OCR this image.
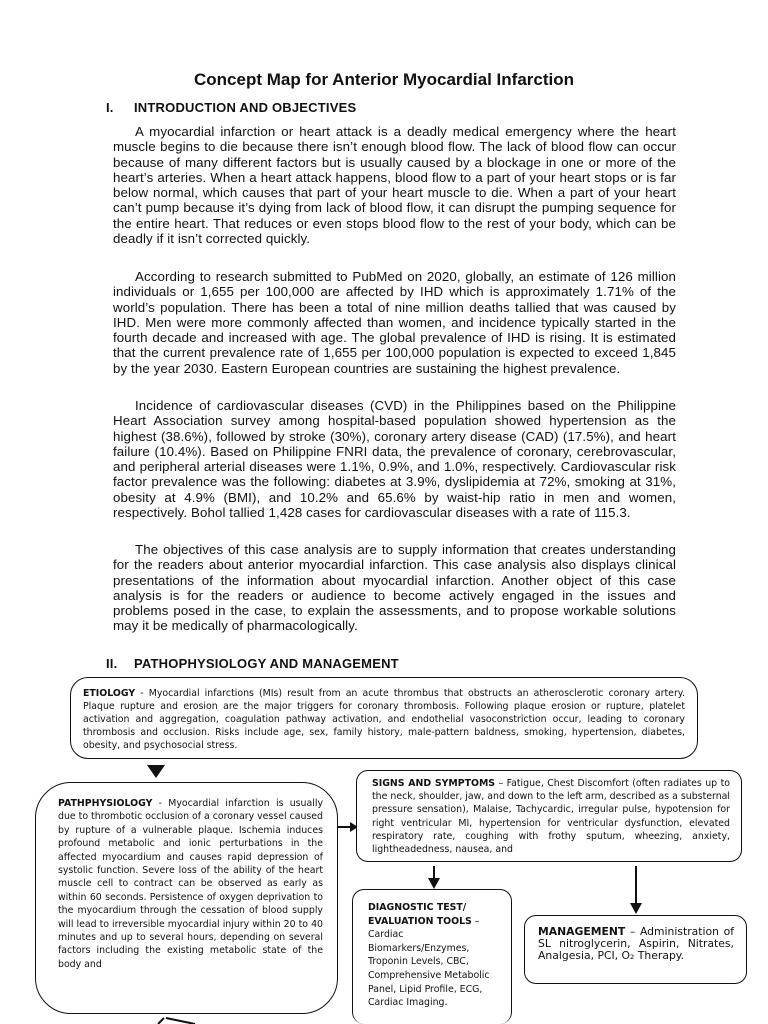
Concept Map for Anterior Myocardial Infarction
I. INTRODUCTION AND OBJECTIVES

A myocardial infarction or heart attack is a deadly medical emergency where the heart muscle begins to die because there isn’t enough blood flow. The lack of blood flow can occur because of many different factors but is usually caused by a blockage in one or more of the heart’s arteries. When a heart attack happens, blood flow to a part of your heart stops or is far below normal, which causes that part of your heart muscle to die. When a part of your heart can’t pump because it’s dying from lack of blood flow, it can disrupt the pumping sequence for the entire heart. That reduces or even stops blood flow to the rest of your body, which can be deadly if it isn’t corrected quickly.

According to research submitted to PubMed on 2020, globally, an estimate of 126 million individuals or 1,655 per 100,000 are affected by IHD which is approximately 1.71% of the world’s population. There has been a total of nine million deaths tallied that was caused by IHD. Men were more commonly affected than women, and incidence typically started in the fourth decade and increased with age. The global prevalence of IHD is rising. It is estimated that the current prevalence rate of 1,655 per 100,000 population is expected to exceed 1,845 by the year 2030. Eastern European countries are sustaining the highest prevalence.

Incidence of cardiovascular diseases (CVD) in the Philippines based on the Philippine Heart Association survey among hospital-based population showed hypertension as the highest (38.6%), followed by stroke (30%), coronary artery disease (CAD) (17.5%), and heart failure (10.4%). Based on Philippine FNRI data, the prevalence of coronary, cerebrovascular, and peripheral arterial diseases were 1.1%, 0.9%, and 1.0%, respectively. Cardiovascular risk factor prevalence was the following: diabetes at 3.9%, dyslipidemia at 72%, smoking at 31%, obesity at 4.9% (BMI), and 10.2% and 65.6% by waist-hip ratio in men and women, respectively. Bohol tallied 1,428 cases for cardiovascular diseases with a rate of 115.3.

The objectives of this case analysis are to supply information that creates understanding for the readers about anterior myocardial infarction. This case analysis also displays clinical presentations of the information about myocardial infarction. Another object of this case analysis is for the readers or audience to become actively engaged in the issues and problems posed in the case, to explain the assessments, and to propose workable solutions may it be medically of pharmacologically.

II. PATHOPHYSIOLOGY AND MANAGEMENT

ETIOLOGY - Myocardial infarctions (MIs) result from an acute thrombus that obstructs an atherosclerotic coronary artery. Plaque rupture and erosion are the major triggers for coronary thrombosis. Following plaque erosion or rupture, platelet activation and aggregation, coagulation pathway activation, and endothelial vasoconstriction occur, leading to coronary thrombosis and occlusion. Risks include age, sex, family history, male-pattern baldness, smoking, hypertension, diabetes, obesity, and psychosocial stress.

PATHPHYSIOLOGY - Myocardial infarction is usually due to thrombotic occlusion of a coronary vessel caused by rupture of a vulnerable plaque. Ischemia induces profound metabolic and ionic perturbations in the affected myocardium and causes rapid depression of systolic function. Severe loss of the ability of the heart muscle cell to contract can be observed as early as within 60 seconds. Persistence of oxygen deprivation to the myocardium through the cessation of blood supply will lead to irreversible myocardial injury within 20 to 40 minutes and up to several hours, depending on several factors including the existing metabolic state of the body and

SIGNS AND SYMPTOMS – Fatigue, Chest Discomfort (often radiates up to the neck, shoulder, jaw, and down to the left arm, described as a substernal pressure sensation), Malaise, Tachycardic, irregular pulse, hypotension for right ventricular MI, hypertension for ventricular dysfunction, elevated respiratory rate, coughing with frothy sputum, wheezing, anxiety, lightheadedness, nausea, and

DIAGNOSTIC TEST/ EVALUATION TOOLS – Cardiac Biomarkers/Enzymes, Troponin Levels, CBC, Comprehensive Metabolic Panel, Lipid Profile, ECG, Cardiac Imaging.

MANAGEMENT – Administration of SL nitroglycerin, Aspirin, Nitrates, Analgesia, PCI, O₂ Therapy.
